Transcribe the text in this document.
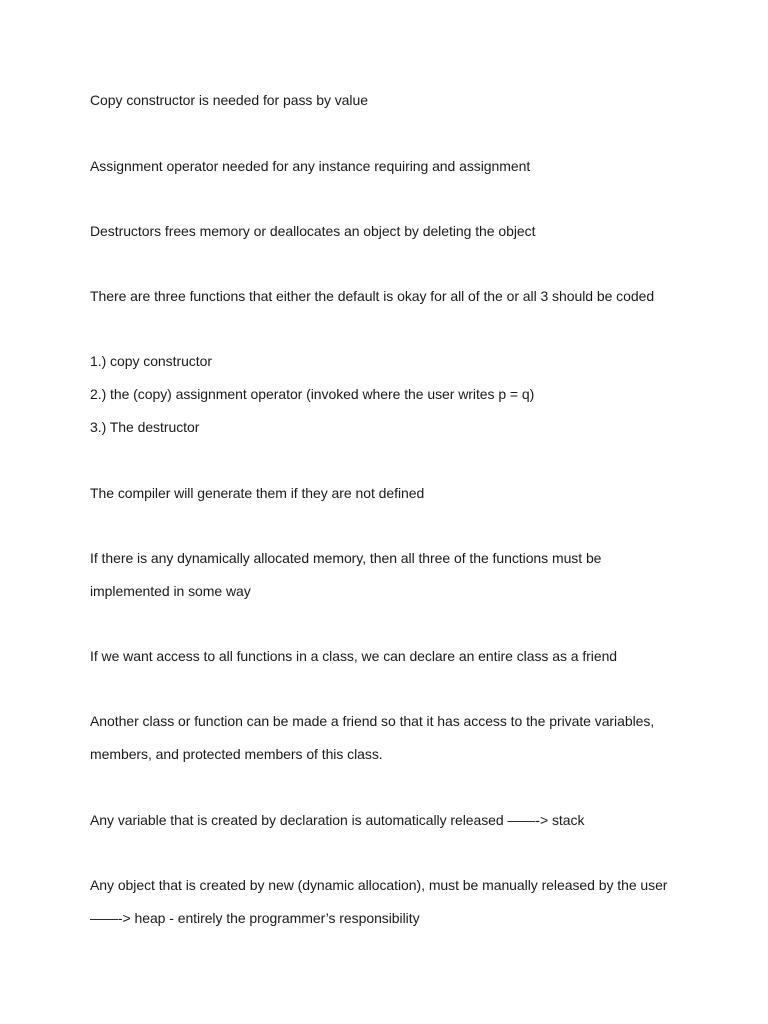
Copy constructor is needed for pass by value
Assignment operator needed for any instance requiring and assignment
Destructors frees memory or deallocates an object by deleting the object
There are three functions that either the default is okay for all of the or all 3 should be coded
1.) copy constructor
2.) the (copy) assignment operator (invoked where the user writes p = q)
3.) The destructor
The compiler will generate them if they are not defined
If there is any dynamically allocated memory, then all three of the functions must be
implemented in some way
If we want access to all functions in a class, we can declare an entire class as a friend
Another class or function can be made a friend so that it has access to the private variables,
members, and protected members of this class.
Any variable that is created by declaration is automatically released ——-> stack
Any object that is created by new (dynamic allocation), must be manually released by the user
——-> heap - entirely the programmer’s responsibility
